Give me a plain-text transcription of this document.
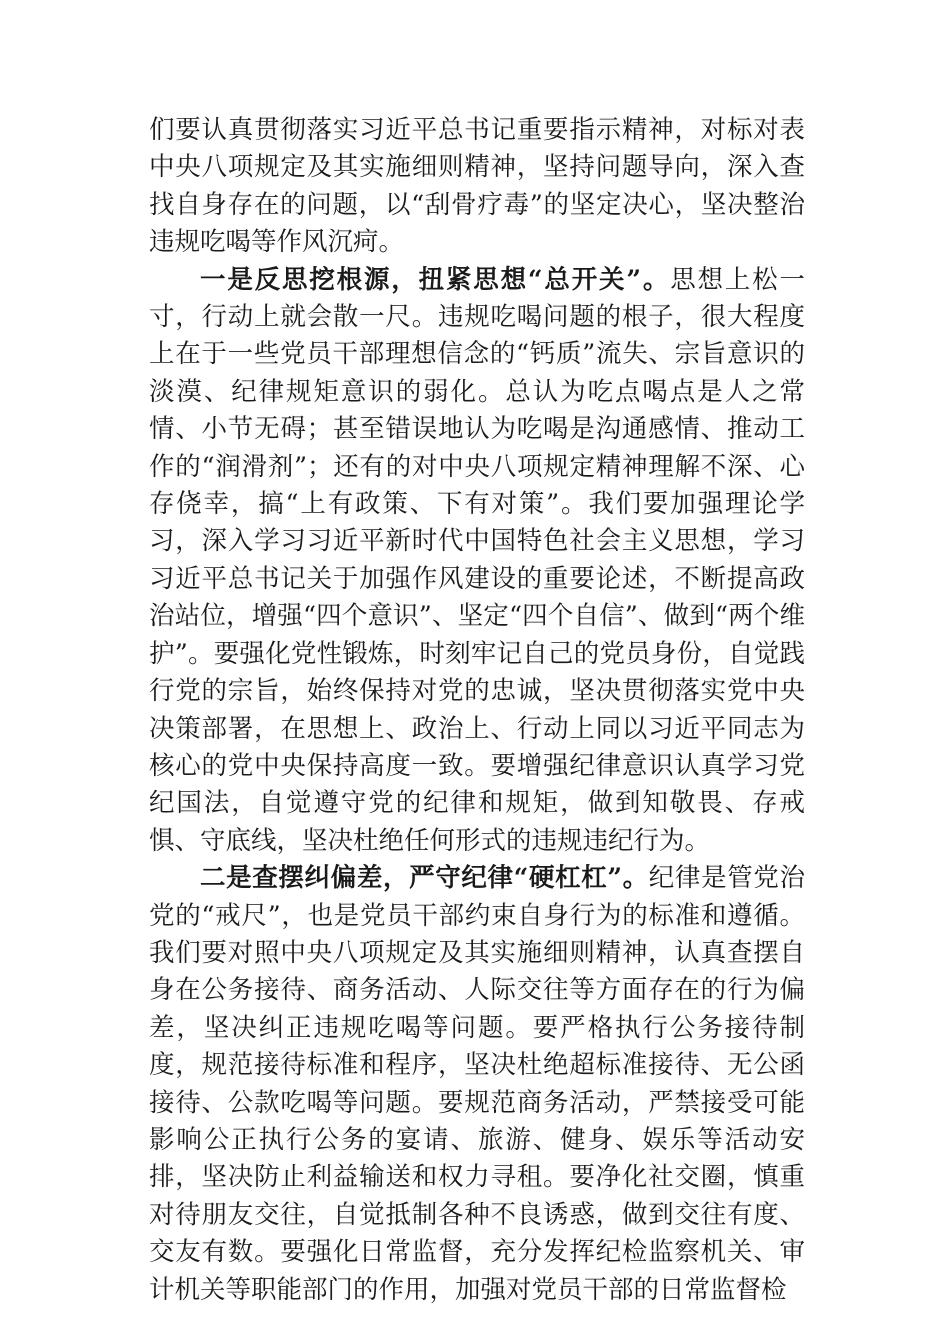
们要认真贯彻落实习近平总书记重要指示精神，对标对表中央八项规定及其实施细则精神，坚持问题导向，深入查找自身存在的问题，以“刮骨疗毒”的坚定决心，坚决整治违规吃喝等作风沉疴。

一是反思挖根源，扭紧思想“总开关”。思想上松一寸，行动上就会散一尺。违规吃喝问题的根子，很大程度上在于一些党员干部理想信念的“钙质”流失、宗旨意识的淡漠、纪律规矩意识的弱化。总认为吃点喝点是人之常情、小节无碍；甚至错误地认为吃喝是沟通感情、推动工作的“润滑剂”；还有的对中央八项规定精神理解不深、心存侥幸，搞“上有政策、下有对策”。我们要加强理论学习，深入学习习近平新时代中国特色社会主义思想，学习习近平总书记关于加强作风建设的重要论述，不断提高政治站位，增强“四个意识”、坚定“四个自信”、做到“两个维护”。要强化党性锻炼，时刻牢记自己的党员身份，自觉践行党的宗旨，始终保持对党的忠诚，坚决贯彻落实党中央决策部署，在思想上、政治上、行动上同以习近平同志为核心的党中央保持高度一致。要增强纪律意识认真学习党纪国法，自觉遵守党的纪律和规矩，做到知敬畏、存戒惧、守底线，坚决杜绝任何形式的违规违纪行为。

二是查摆纠偏差，严守纪律“硬杠杠”。纪律是管党治党的“戒尺”，也是党员干部约束自身行为的标准和遵循。我们要对照中央八项规定及其实施细则精神，认真查摆自身在公务接待、商务活动、人际交往等方面存在的行为偏差，坚决纠正违规吃喝等问题。要严格执行公务接待制度，规范接待标准和程序，坚决杜绝超标准接待、无公函接待、公款吃喝等问题。要规范商务活动，严禁接受可能影响公正执行公务的宴请、旅游、健身、娱乐等活动安排，坚决防止利益输送和权力寻租。要净化社交圈，慎重对待朋友交往，自觉抵制各种不良诱惑，做到交往有度、交友有数。要强化日常监督，充分发挥纪检监察机关、审计机关等职能部门的作用，加强对党员干部的日常监督检
